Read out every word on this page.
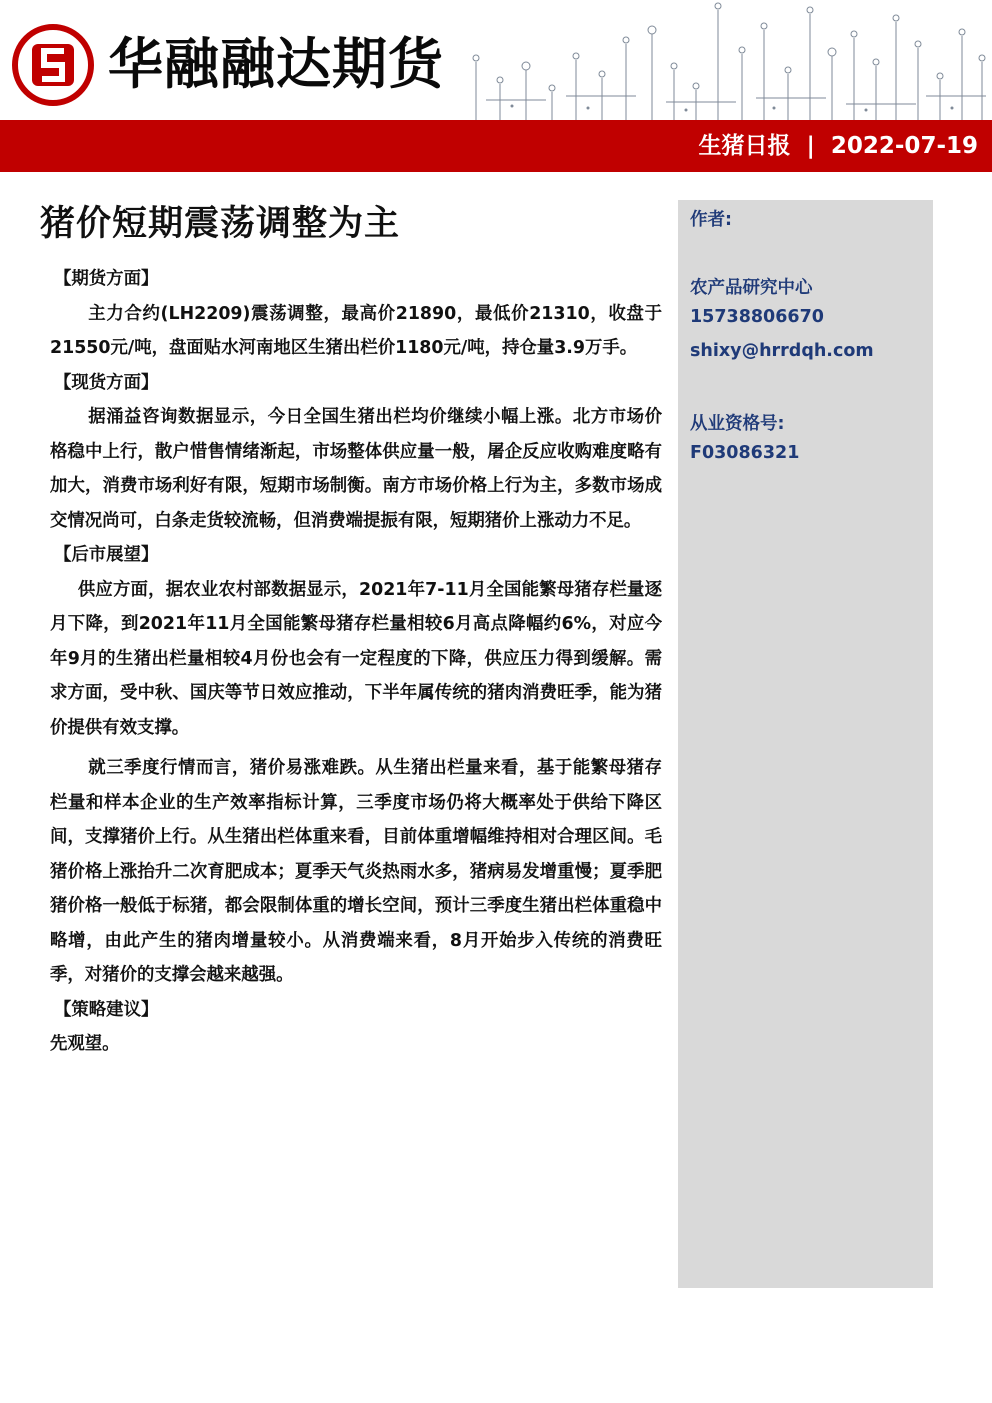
华融融达期货
生猪日报 | 2022-07-19
猪价短期震荡调整为主

【期货方面】

主力合约(LH2209)震荡调整，最高价21890，最低价21310，收盘于21550元/吨，盘面贴水河南地区生猪出栏价1180元/吨，持仓量3.9万手。

【现货方面】

据涌益咨询数据显示，今日全国生猪出栏均价继续小幅上涨。北方市场价格稳中上行，散户惜售情绪渐起，市场整体供应量一般，屠企反应收购难度略有加大，消费市场利好有限，短期市场制衡。南方市场价格上行为主，多数市场成交情况尚可，白条走货较流畅，但消费端提振有限，短期猪价上涨动力不足。

【后市展望】

供应方面，据农业农村部数据显示，2021年7-11月全国能繁母猪存栏量逐月下降，到2021年11月全国能繁母猪存栏量相较6月高点降幅约6%，对应今年9月的生猪出栏量相较4月份也会有一定程度的下降，供应压力得到缓解。需求方面，受中秋、国庆等节日效应推动，下半年属传统的猪肉消费旺季，能为猪价提供有效支撑。

就三季度行情而言，猪价易涨难跌。从生猪出栏量来看，基于能繁母猪存栏量和样本企业的生产效率指标计算，三季度市场仍将大概率处于供给下降区间，支撑猪价上行。从生猪出栏体重来看，目前体重增幅维持相对合理区间。毛猪价格上涨抬升二次育肥成本；夏季天气炎热雨水多，猪病易发增重慢；夏季肥猪价格一般低于标猪，都会限制体重的增长空间，预计三季度生猪出栏体重稳中略增，由此产生的猪肉增量较小。从消费端来看，8月开始步入传统的消费旺季，对猪价的支撑会越来越强。

【策略建议】

先观望。

作者:
农产品研究中心
15738806670
shixy@hrrdqh.com
从业资格号:
F03086321
